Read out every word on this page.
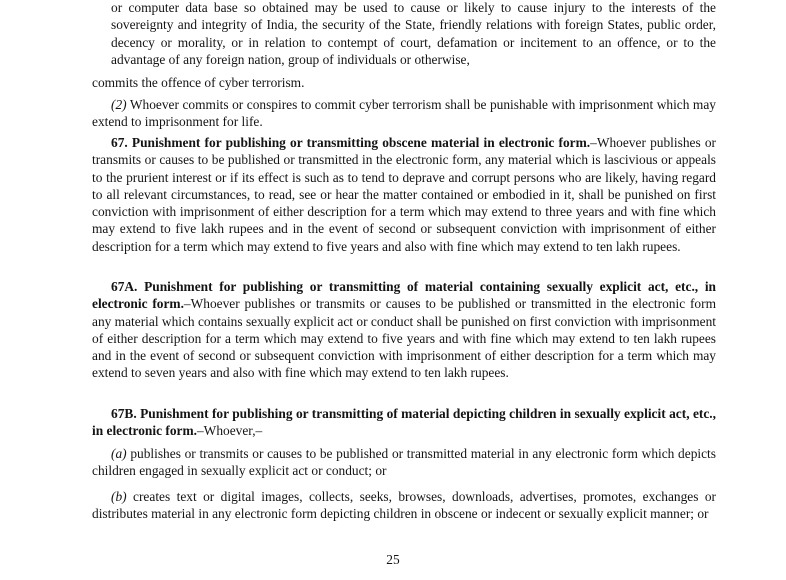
or computer data base so obtained may be used to cause or likely to cause injury to the interests of the sovereignty and integrity of India, the security of the State, friendly relations with foreign States, public order, decency or morality, or in relation to contempt of court, defamation or incitement to an offence, or to the advantage of any foreign nation, group of individuals or otherwise,

commits the offence of cyber terrorism.

(2) Whoever commits or conspires to commit cyber terrorism shall be punishable with imprisonment which may extend to imprisonment for life.

67. Punishment for publishing or transmitting obscene material in electronic form.–Whoever publishes or transmits or causes to be published or transmitted in the electronic form, any material which is lascivious or appeals to the prurient interest or if its effect is such as to tend to deprave and corrupt persons who are likely, having regard to all relevant circumstances, to read, see or hear the matter contained or embodied in it, shall be punished on first conviction with imprisonment of either description for a term which may extend to three years and with fine which may extend to five lakh rupees and in the event of second or subsequent conviction with imprisonment of either description for a term which may extend to five years and also with fine which may extend to ten lakh rupees.

67A. Punishment for publishing or transmitting of material containing sexually explicit act, etc., in electronic form.–Whoever publishes or transmits or causes to be published or transmitted in the electronic form any material which contains sexually explicit act or conduct shall be punished on first conviction with imprisonment of either description for a term which may extend to five years and with fine which may extend to ten lakh rupees and in the event of second or subsequent conviction with imprisonment of either description for a term which may extend to seven years and also with fine which may extend to ten lakh rupees.

67B. Punishment for publishing or transmitting of material depicting children in sexually explicit act, etc., in electronic form.–Whoever,–

(a) publishes or transmits or causes to be published or transmitted material in any electronic form which depicts children engaged in sexually explicit act or conduct; or

(b) creates text or digital images, collects, seeks, browses, downloads, advertises, promotes, exchanges or distributes material in any electronic form depicting children in obscene or indecent or sexually explicit manner; or

25
